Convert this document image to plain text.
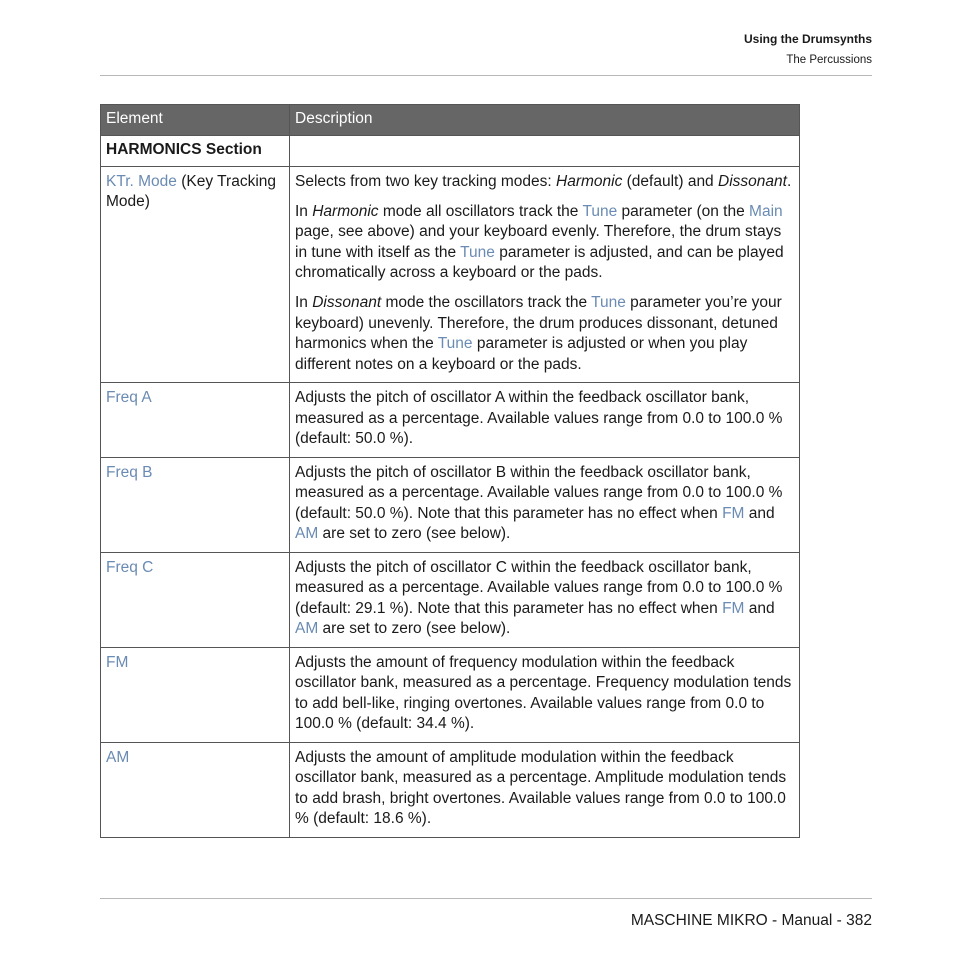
Using the Drumsynths
The Percussions
Element	Description
HARMONICS Section	
KTr. Mode (Key Tracking Mode)	Selects from two key tracking modes: Harmonic (default) and Dissonant.

In Harmonic mode all oscillators track the Tune parameter (on the Main page, see above) and your keyboard evenly. Therefore, the drum stays in tune with itself as the Tune parameter is adjusted, and can be played chromatically across a keyboard or the pads.

In Dissonant mode the oscillators track the Tune parameter you’re your keyboard) unevenly. Therefore, the drum produces dissonant, detuned harmonics when the Tune parameter is adjusted or when you play different notes on a keyboard or the pads.

Freq A	Adjusts the pitch of oscillator A within the feedback oscillator bank, measured as a percentage. Available values range from 0.0 to 100.0 % (default: 50.0 %).
Freq B	Adjusts the pitch of oscillator B within the feedback oscillator bank, measured as a percentage. Available values range from 0.0 to 100.0 % (default: 50.0 %). Note that this parameter has no effect when FM and AM are set to zero (see below).
Freq C	Adjusts the pitch of oscillator C within the feedback oscillator bank, measured as a percentage. Available values range from 0.0 to 100.0 % (default: 29.1 %). Note that this parameter has no effect when FM and AM are set to zero (see below).
FM	Adjusts the amount of frequency modulation within the feedback oscillator bank, measured as a percentage. Frequency modulation tends to add bell-like, ringing overtones. Available values range from 0.0 to 100.0 % (default: 34.4 %).
AM	Adjusts the amount of amplitude modulation within the feedback oscillator bank, measured as a percentage. Amplitude modulation tends to add brash, bright overtones. Available values range from 0.0 to 100.0 % (default: 18.6 %).
MASCHINE MIKRO - Manual - 382
